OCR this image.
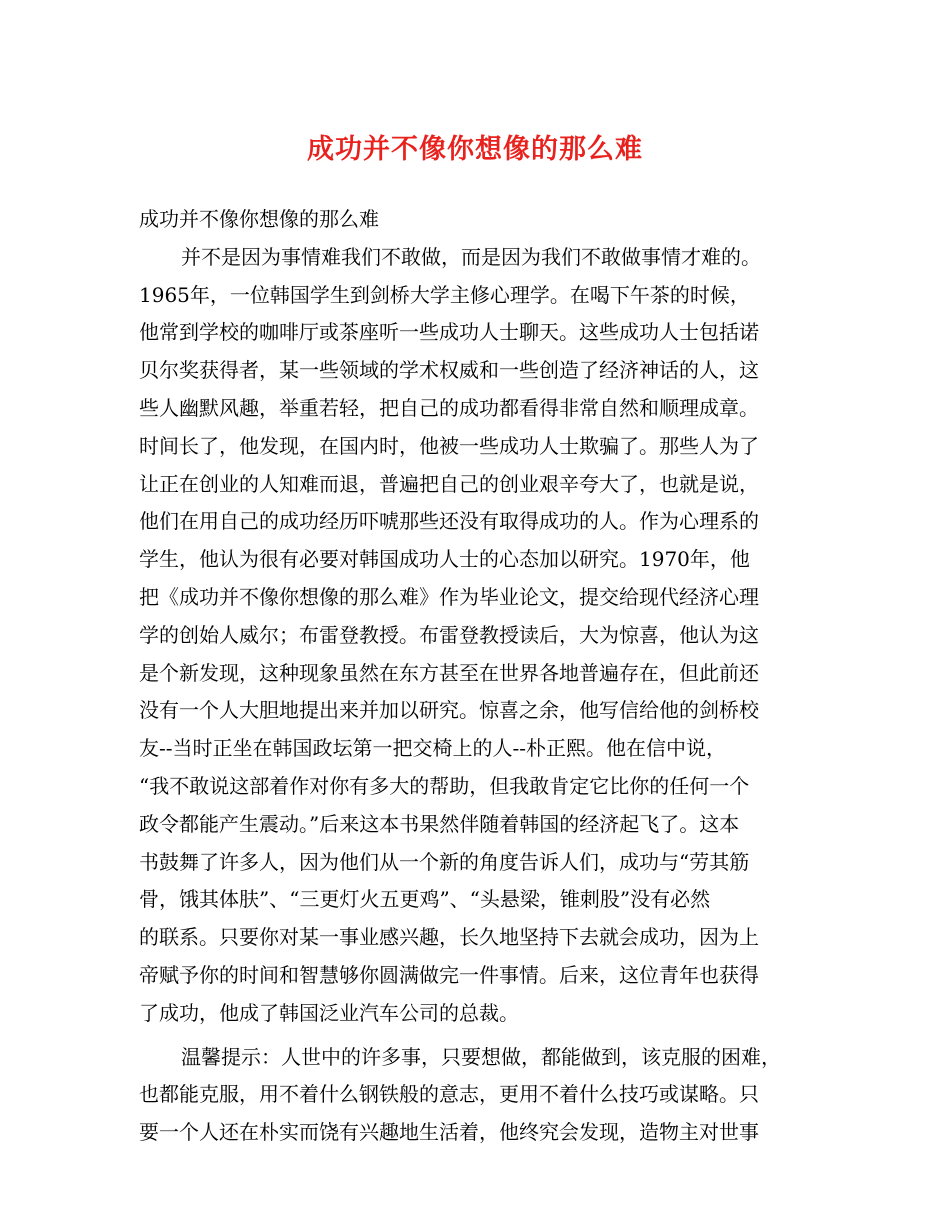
成功并不像你想像的那么难
成功并不像你想像的那么难
并不是因为事情难我们不敢做，而是因为我们不敢做事情才难的。
1965年，一位韩国学生到剑桥大学主修心理学。在喝下午茶的时候，
他常到学校的咖啡厅或茶座听一些成功人士聊天。这些成功人士包括诺
贝尔奖获得者，某一些领域的学术权威和一些创造了经济神话的人，这
些人幽默风趣，举重若轻，把自己的成功都看得非常自然和顺理成章。
时间长了，他发现，在国内时，他被一些成功人士欺骗了。那些人为了
让正在创业的人知难而退，普遍把自己的创业艰辛夸大了，也就是说，
他们在用自己的成功经历吓唬那些还没有取得成功的人。作为心理系的
学生，他认为很有必要对韩国成功人士的心态加以研究。1970年，他
把《成功并不像你想像的那么难》作为毕业论文，提交给现代经济心理
学的创始人威尔；布雷登教授。布雷登教授读后，大为惊喜，他认为这
是个新发现，这种现象虽然在东方甚至在世界各地普遍存在，但此前还
没有一个人大胆地提出来并加以研究。惊喜之余，他写信给他的剑桥校
友--当时正坐在韩国政坛第一把交椅上的人--朴正熙。他在信中说，
“我不敢说这部着作对你有多大的帮助，但我敢肯定它比你的任何一个
政令都能产生震动。”后来这本书果然伴随着韩国的经济起飞了。这本
书鼓舞了许多人，因为他们从一个新的角度告诉人们，成功与“劳其筋
骨，饿其体肤”、“三更灯火五更鸡”、“头悬梁，锥刺股”没有必然
的联系。只要你对某一事业感兴趣，长久地坚持下去就会成功，因为上
帝赋予你的时间和智慧够你圆满做完一件事情。后来，这位青年也获得
了成功，他成了韩国泛业汽车公司的总裁。
温馨提示：人世中的许多事，只要想做，都能做到，该克服的困难，
也都能克服，用不着什么钢铁般的意志，更用不着什么技巧或谋略。只
要一个人还在朴实而饶有兴趣地生活着，他终究会发现，造物主对世事
